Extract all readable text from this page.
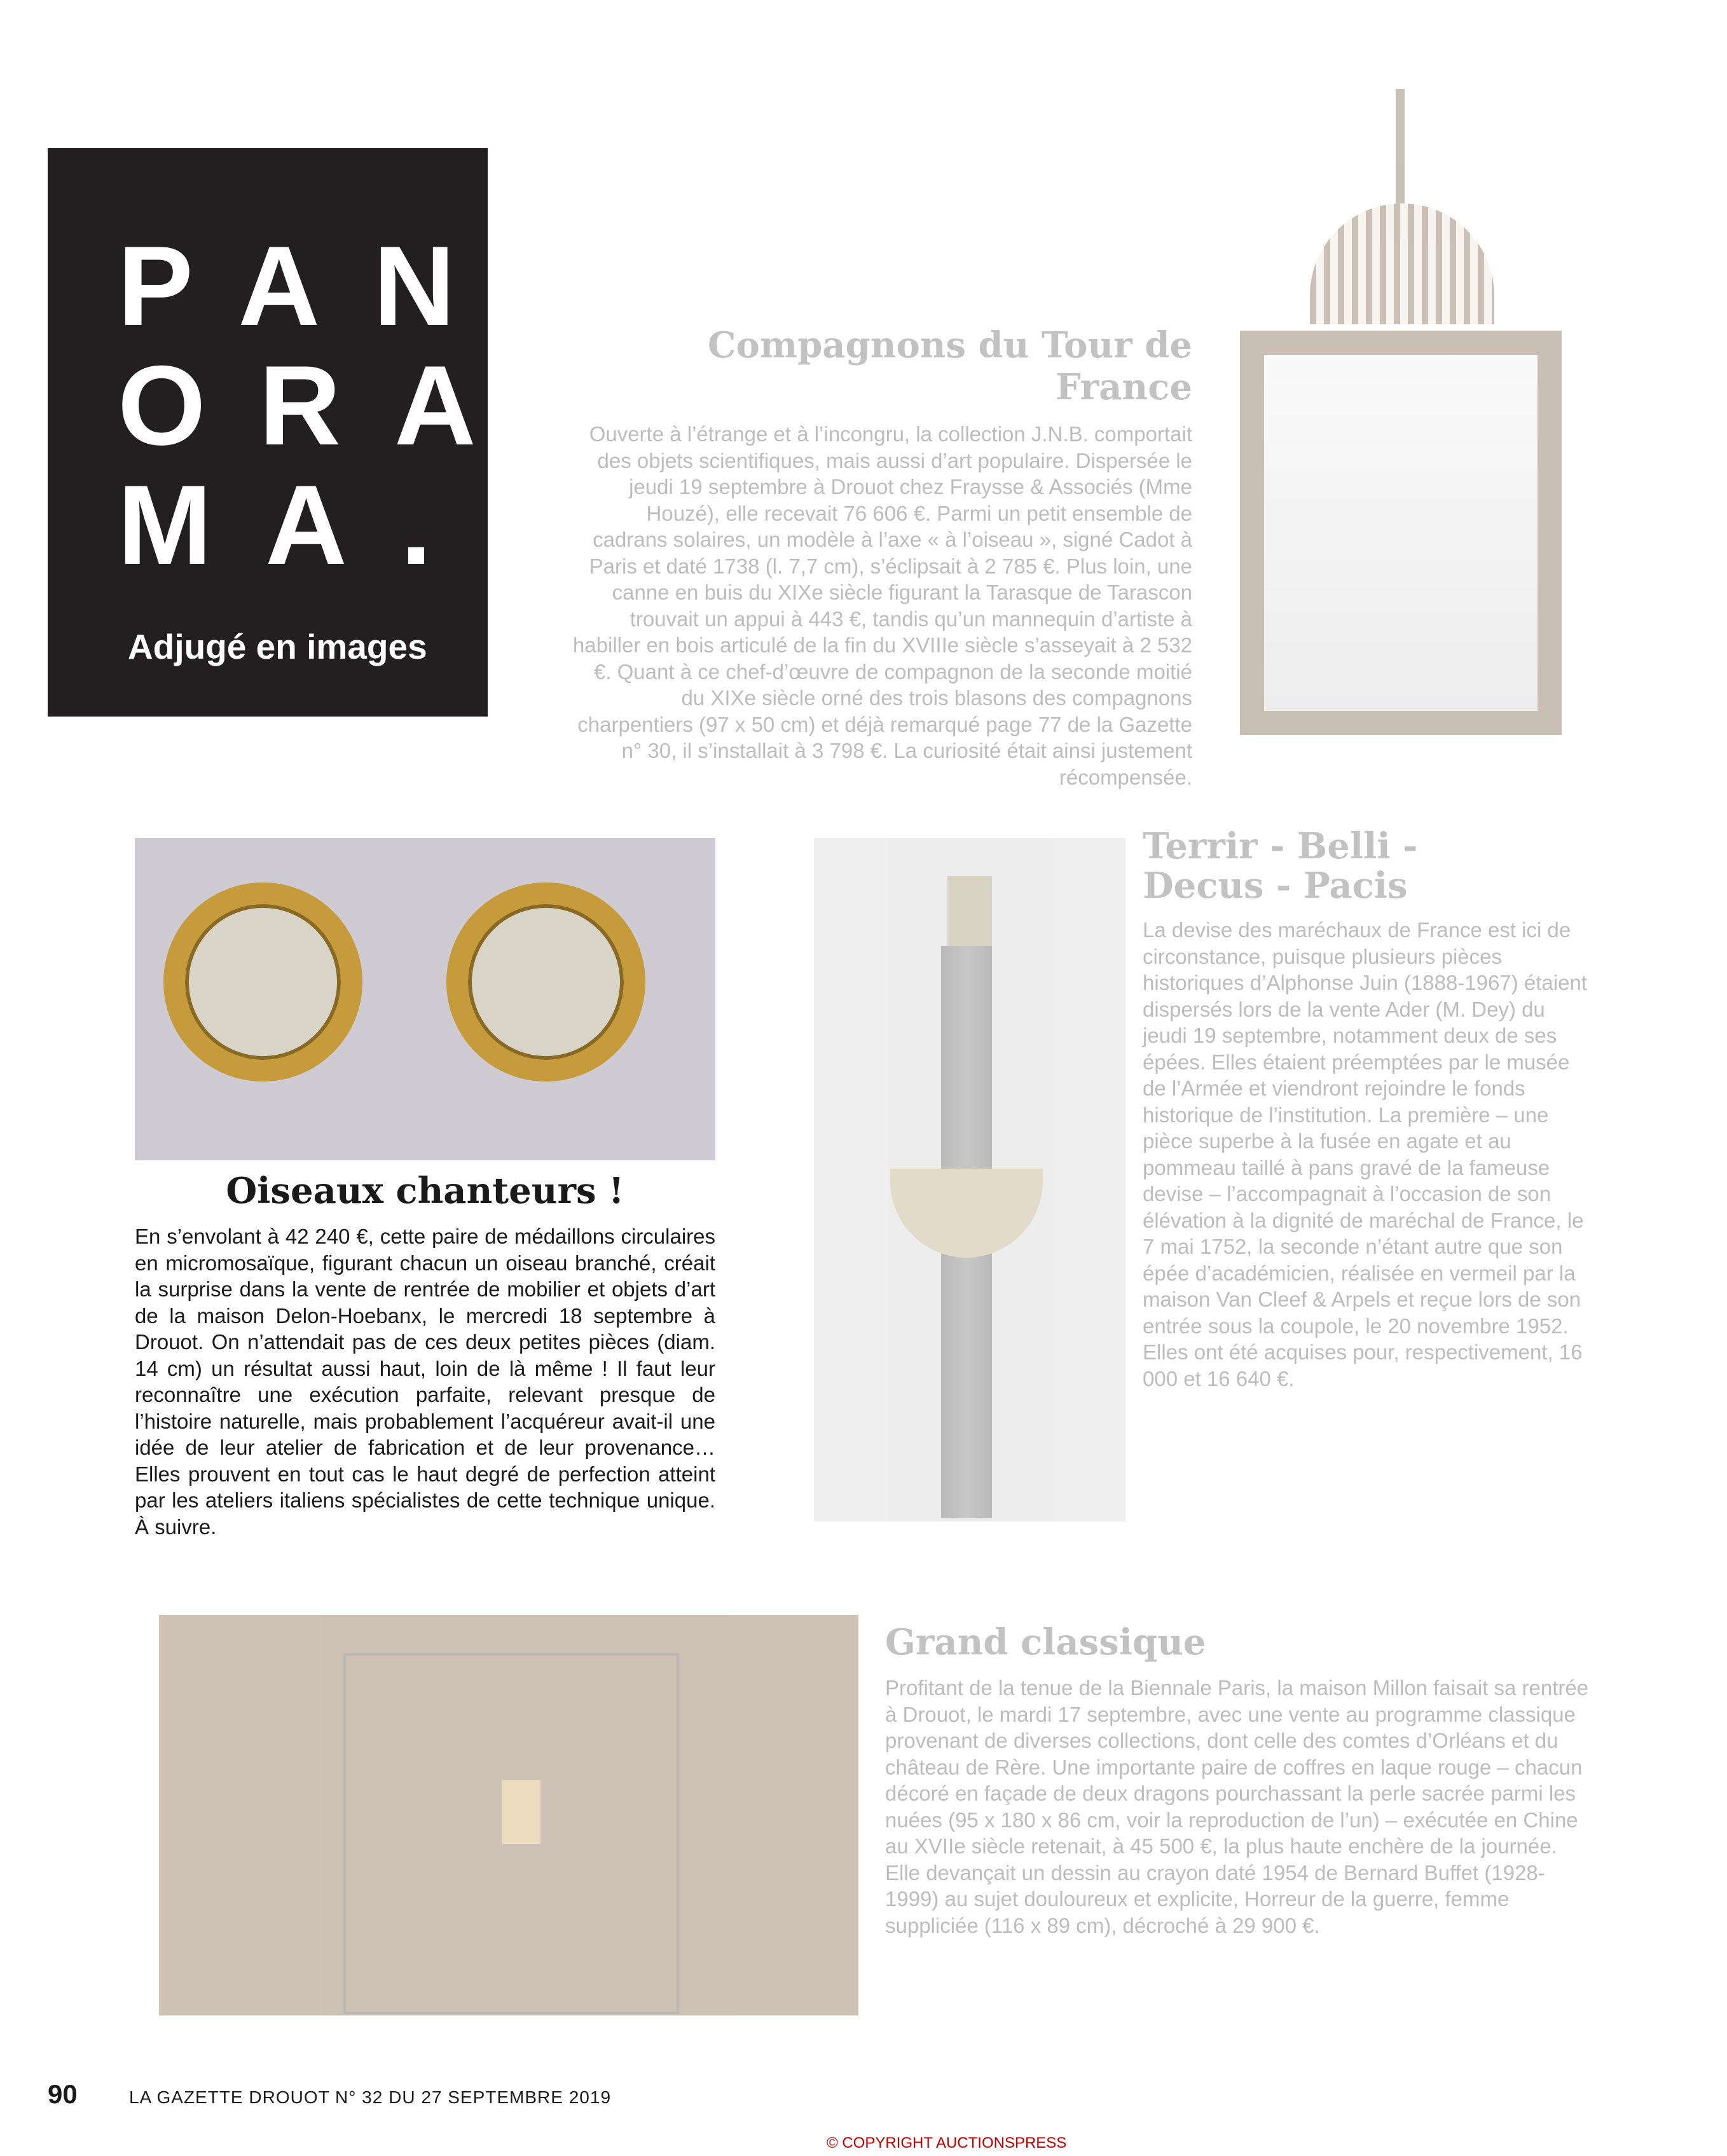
PAN
ORA
MA.
Adjugé en images
Compagnons du Tour de France
Ouverte à l’étrange et à l’incongru, la collection J.N.B. comportait des objets scientifiques, mais aussi d’art populaire. Dispersée le jeudi 19 septembre à Drouot chez Fraysse & Associés (Mme Houzé), elle recevait 76 606 €. Parmi un petit ensemble de cadrans solaires, un modèle à l’axe « à l’oiseau », signé Cadot à Paris et daté 1738 (l. 7,7 cm), s’éclipsait à 2 785 €. Plus loin, une canne en buis du XIXe siècle figurant la Tarasque de Tarascon trouvait un appui à 443 €, tandis qu’un mannequin d’artiste à habiller en bois articulé de la fin du XVIIIe siècle s’asseyait à 2 532 €. Quant à ce chef-d’œuvre de compagnon de la seconde moitié du XIXe siècle orné des trois blasons des compagnons charpentiers (97 x 50 cm) et déjà remarqué page 77 de la Gazette n° 30, il s’installait à 3 798 €. La curiosité était ainsi justement récompensée.
Oiseaux chanteurs !
En s’envolant à 42 240 €, cette paire de médaillons circulaires en micromosaïque, figurant chacun un oiseau branché, créait la surprise dans la vente de rentrée de mobilier et objets d’art de la maison Delon-Hoebanx, le mercredi 18 septembre à Drouot. On n’attendait pas de ces deux petites pièces (diam. 14 cm) un résultat aussi haut, loin de là même ! Il faut leur reconnaître une exécution parfaite, relevant presque de l’histoire naturelle, mais probablement l’acquéreur avait-il une idée de leur atelier de fabrication et de leur provenance… Elles prouvent en tout cas le haut degré de perfection atteint par les ateliers italiens spécialistes de cette technique unique. À suivre.
Terrir - Belli -
Decus - Pacis
La devise des maréchaux de France est ici de circonstance, puisque plusieurs pièces historiques d’Alphonse Juin (1888-1967) étaient dispersés lors de la vente Ader (M. Dey) du jeudi 19 septembre, notamment deux de ses épées. Elles étaient préemptées par le musée de l’Armée et viendront rejoindre le fonds historique de l’institution. La première – une pièce superbe à la fusée en agate et au pommeau taillé à pans gravé de la fameuse devise – l’accompagnait à l’occasion de son élévation à la dignité de maréchal de France, le 7 mai 1752, la seconde n’étant autre que son épée d’académicien, réalisée en vermeil par la maison Van Cleef & Arpels et reçue lors de son entrée sous la coupole, le 20 novembre 1952. Elles ont été acquises pour, respectivement, 16 000 et 16 640 €.
Grand classique
Profitant de la tenue de la Biennale Paris, la maison Millon faisait sa rentrée à Drouot, le mardi 17 septembre, avec une vente au programme classique provenant de diverses collections, dont celle des comtes d’Orléans et du château de Rère. Une importante paire de coffres en laque rouge – chacun décoré en façade de deux dragons pourchassant la perle sacrée parmi les nuées (95 x 180 x 86 cm, voir la reproduction de l’un) – exécutée en Chine au XVIIe siècle retenait, à 45 500 €, la plus haute enchère de la journée.
Elle devançait un dessin au crayon daté 1954 de Bernard Buffet (1928-1999) au sujet douloureux et explicite, Horreur de la guerre, femme suppliciée (116 x 89 cm), décroché à 29 900 €.
90	LA GAZETTE DROUOT N° 32 DU 27 SEPTEMBRE 2019
© COPYRIGHT AUCTIONSPRESS
